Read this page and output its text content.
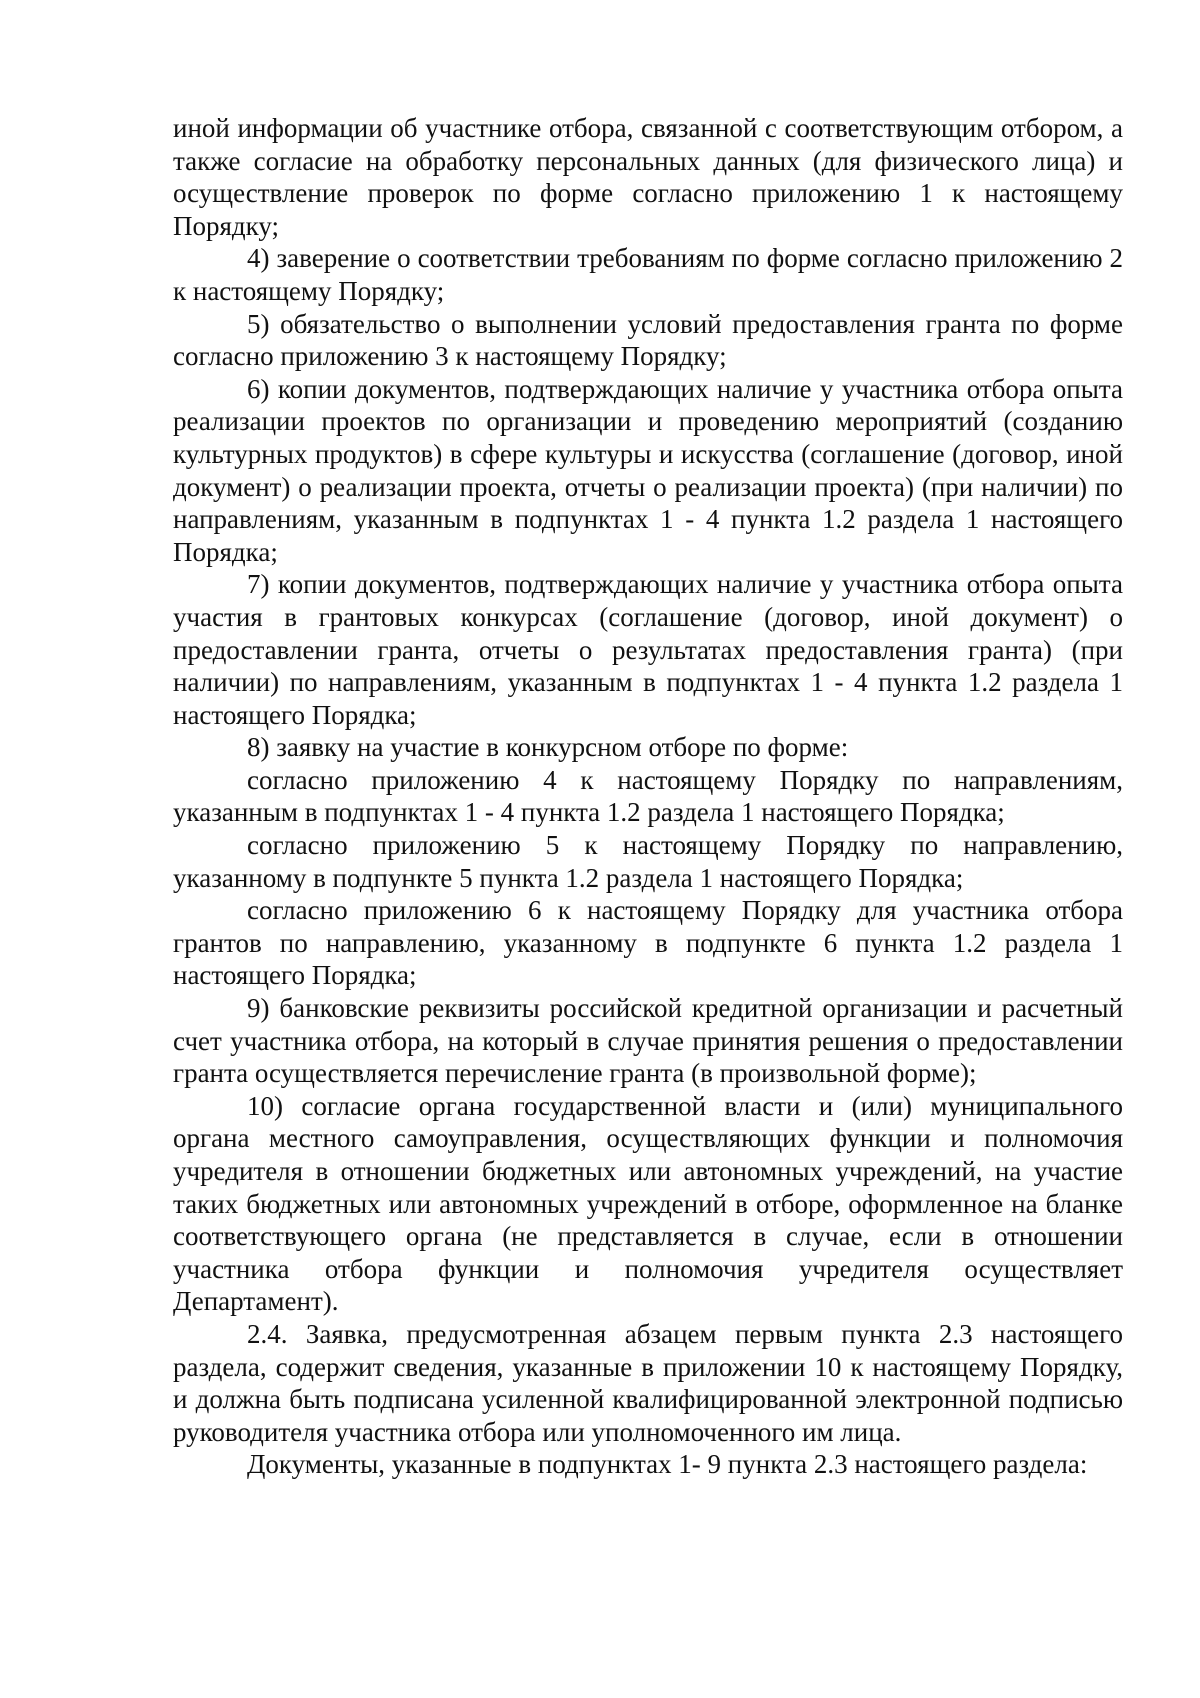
иной информации об участнике отбора, связанной с соответствующим отбором, а также согласие на обработку персональных данных (для физического лица) и осуществление проверок по форме согласно приложению 1 к настоящему Порядку;

4) заверение о соответствии требованиям по форме согласно приложению 2 к настоящему Порядку;

5) обязательство о выполнении условий предоставления гранта по форме согласно приложению 3 к настоящему Порядку;

6) копии документов, подтверждающих наличие у участника отбора опыта реализации проектов по организации и проведению мероприятий (созданию культурных продуктов) в сфере культуры и искусства (соглашение (договор, иной документ) о реализации проекта, отчеты о реализации проекта) (при наличии) по направлениям, указанным в подпунктах 1 - 4 пункта 1.2 раздела 1 настоящего Порядка;

7) копии документов, подтверждающих наличие у участника отбора опыта участия в грантовых конкурсах (соглашение (договор, иной документ) о предоставлении гранта, отчеты о результатах предоставления гранта) (при наличии) по направлениям, указанным в подпунктах 1 - 4 пункта 1.2 раздела 1 настоящего Порядка;

8) заявку на участие в конкурсном отборе по форме:

согласно приложению 4 к настоящему Порядку по направлениям, указанным в подпунктах 1 - 4 пункта 1.2 раздела 1 настоящего Порядка;

согласно приложению 5 к настоящему Порядку по направлению, указанному в подпункте 5 пункта 1.2 раздела 1 настоящего Порядка;

согласно приложению 6 к настоящему Порядку для участника отбора грантов по направлению, указанному в подпункте 6 пункта 1.2 раздела 1 настоящего Порядка;

9) банковские реквизиты российской кредитной организации и расчетный счет участника отбора, на который в случае принятия решения о предоставлении гранта осуществляется перечисление гранта (в произвольной форме);

10) согласие органа государственной власти и (или) муниципального органа местного самоуправления, осуществляющих функции и полномочия учредителя в отношении бюджетных или автономных учреждений, на участие таких бюджетных или автономных учреждений в отборе, оформленное на бланке соответствующего органа (не представляется в случае, если в отношении участника отбора функции и полномочия учредителя осуществляет Департамент).

2.4. Заявка, предусмотренная абзацем первым пункта 2.3 настоящего раздела, содержит сведения, указанные в приложении 10 к настоящему Порядку, и должна быть подписана усиленной квалифицированной электронной подписью руководителя участника отбора или уполномоченного им лица.

Документы, указанные в подпунктах 1- 9 пункта 2.3 настоящего раздела:
